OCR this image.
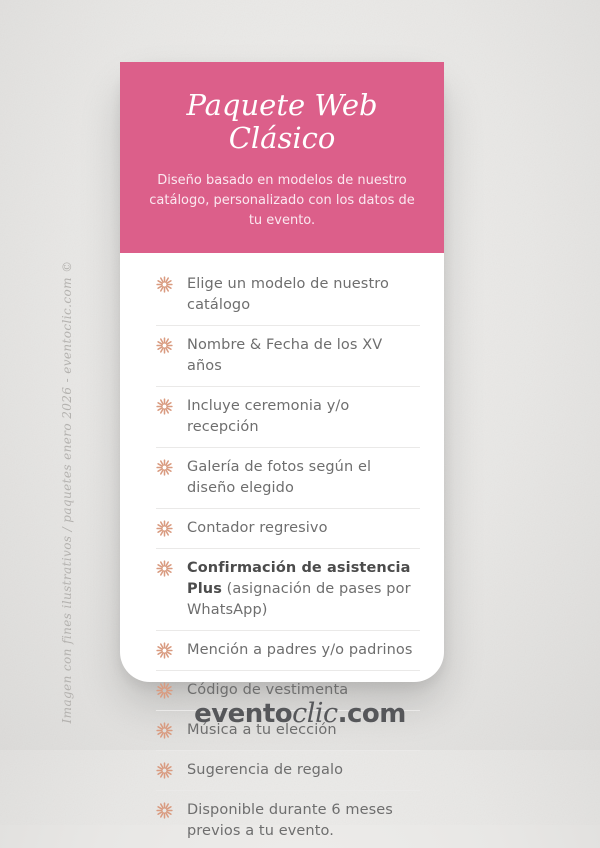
Imagen con fines ilustrativos / paquetes enero 2026 - eventoclic.com ©
Paquete Web Clásico
Diseño basado en modelos de nuestro catálogo, personalizado con los datos de tu evento.
Elige un modelo de nuestro catálogo
Nombre & Fecha de los XV años
Incluye ceremonia y/o recepción
Galería de fotos según el diseño elegido
Contador regresivo
Confirmación de asistencia Plus (asignación de pases por WhatsApp)
Mención a padres y/o padrinos
Código de vestimenta
Música a tu elección
Sugerencia de regalo
Disponible durante 6 meses previos a tu evento.
eventoclic.com
